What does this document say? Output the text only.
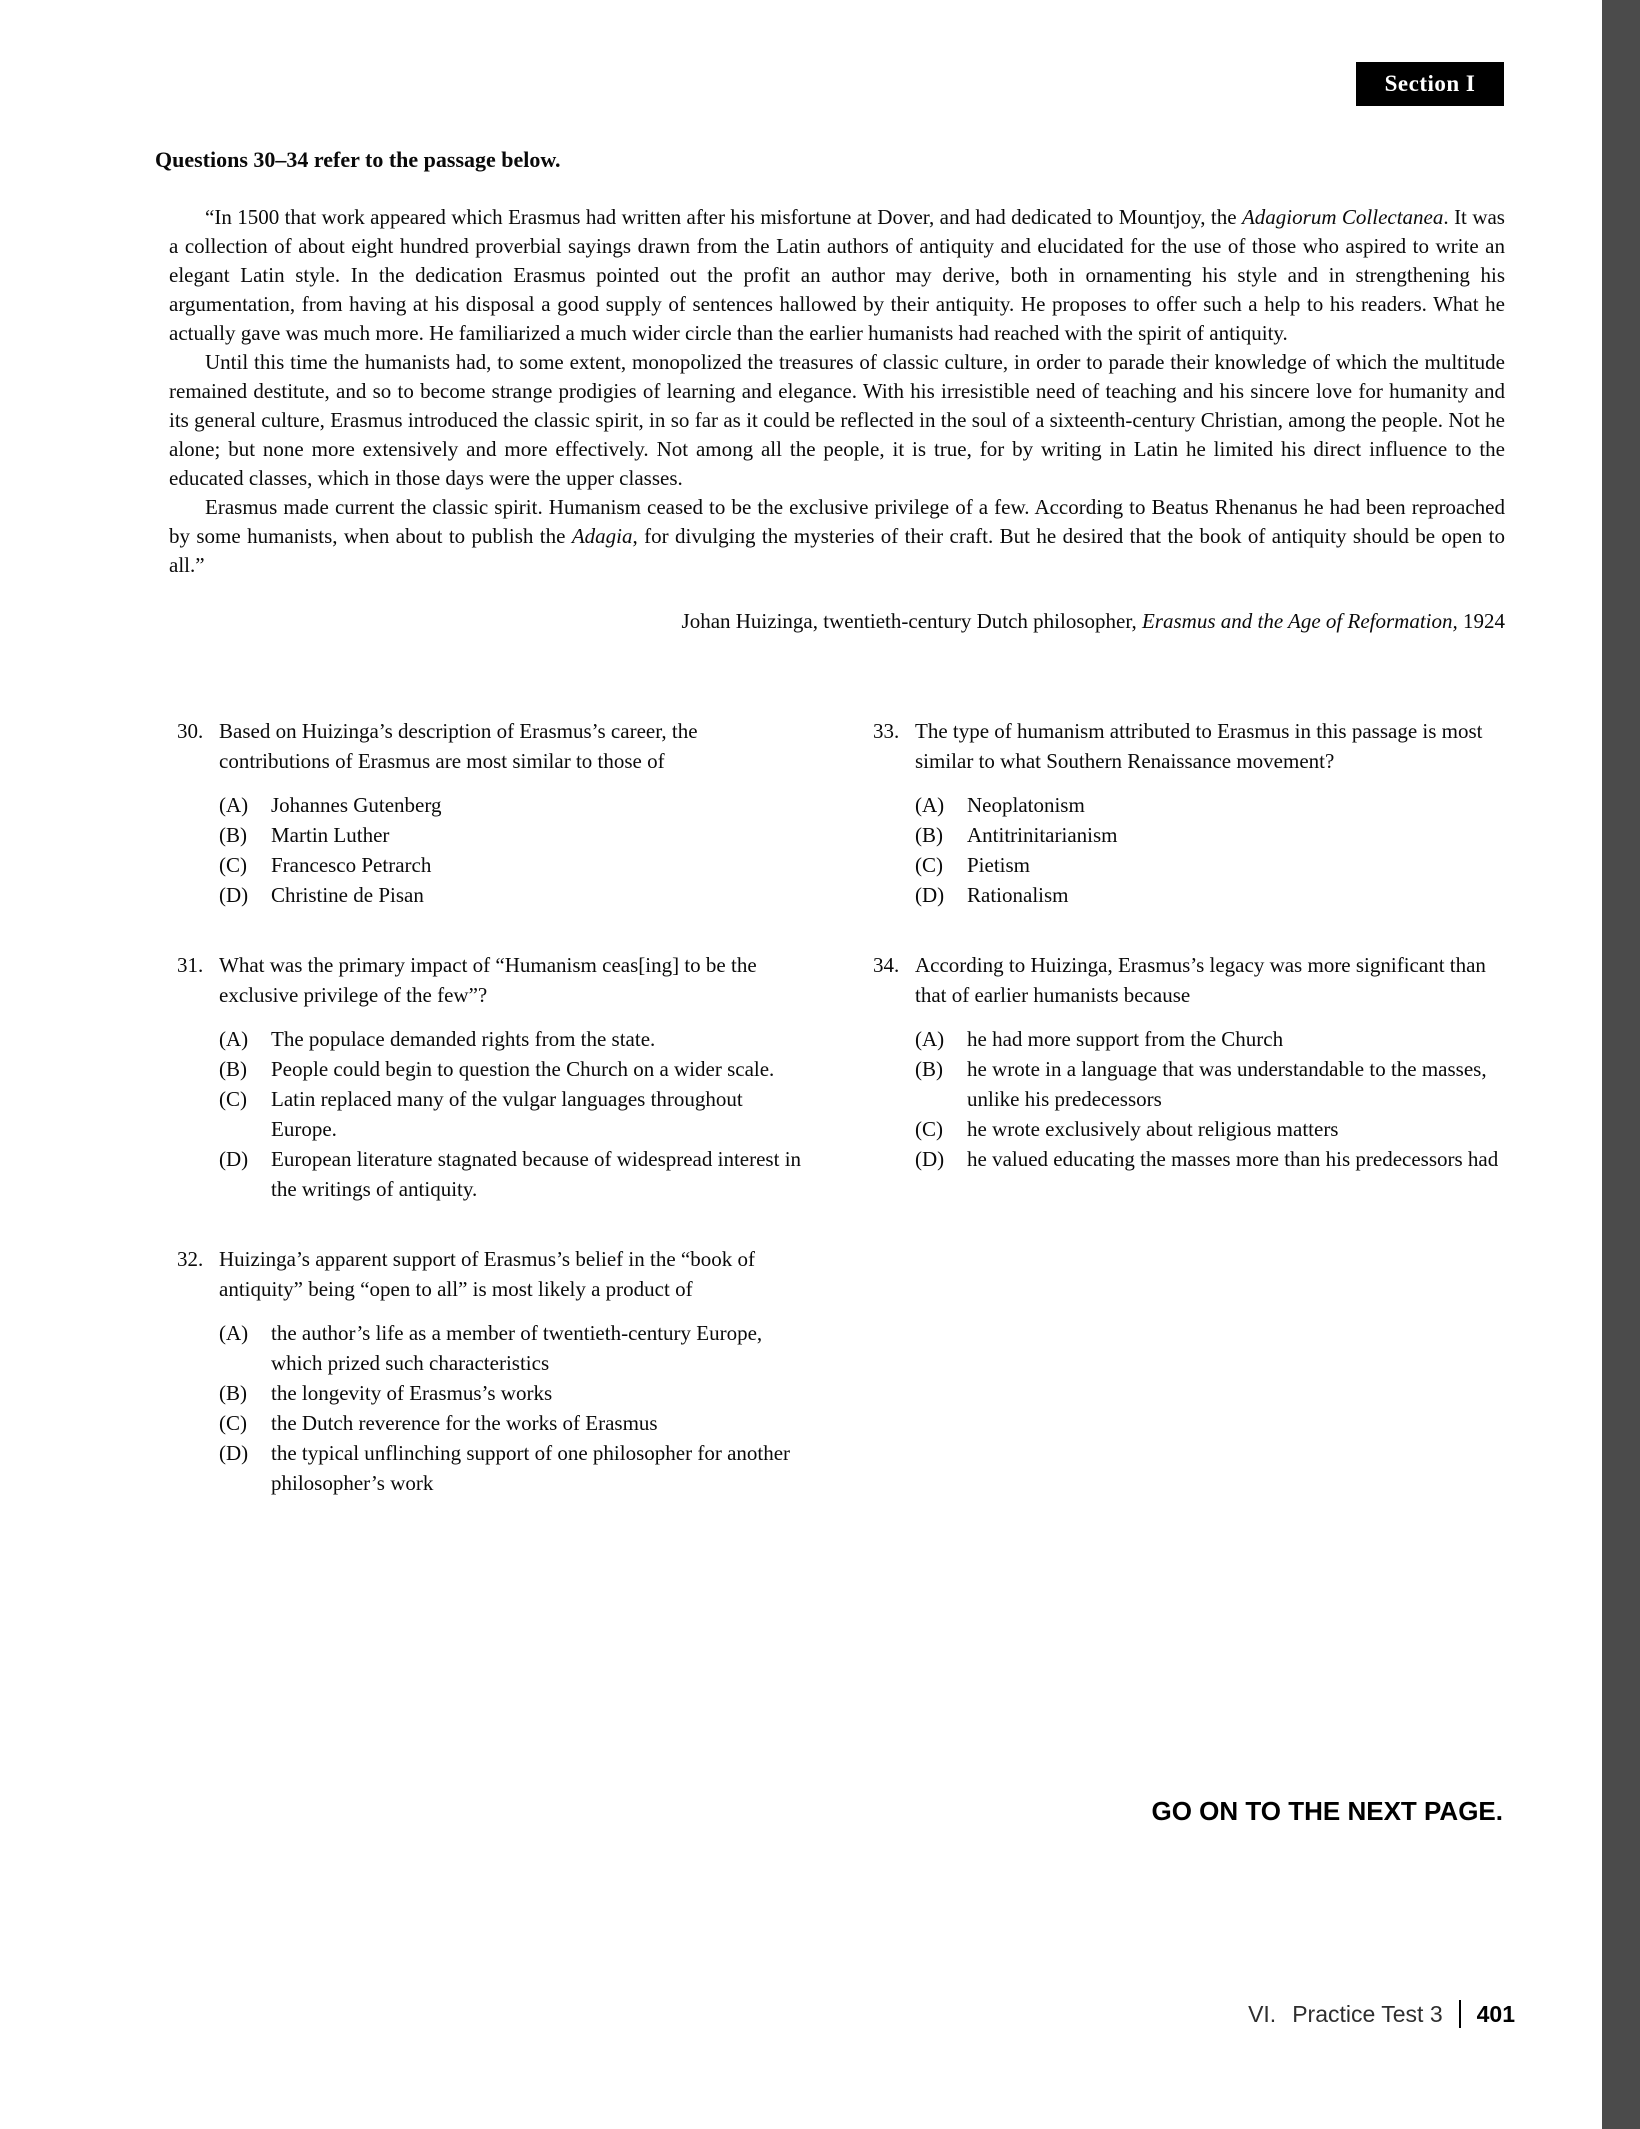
Section I
Questions 30–34 refer to the passage below.

“In 1500 that work appeared which Erasmus had written after his misfortune at Dover, and had dedicated to Mountjoy, the Adagiorum Collectanea. It was a collection of about eight hundred proverbial sayings drawn from the Latin authors of antiquity and elucidated for the use of those who aspired to write an elegant Latin style. In the dedication Erasmus pointed out the profit an author may derive, both in ornamenting his style and in strengthening his argumentation, from having at his disposal a good supply of sentences hallowed by their antiquity. He proposes to offer such a help to his readers. What he actually gave was much more. He familiarized a much wider circle than the earlier humanists had reached with the spirit of antiquity.

Until this time the humanists had, to some extent, monopolized the treasures of classic culture, in order to parade their knowledge of which the multitude remained destitute, and so to become strange prodigies of learning and elegance. With his irresistible need of teaching and his sincere love for humanity and its general culture, Erasmus introduced the classic spirit, in so far as it could be reflected in the soul of a sixteenth-century Christian, among the people. Not he alone; but none more extensively and more effectively. Not among all the people, it is true, for by writing in Latin he limited his direct influence to the educated classes, which in those days were the upper classes.

Erasmus made current the classic spirit. Humanism ceased to be the exclusive privilege of a few. According to Beatus Rhenanus he had been reproached by some humanists, when about to publish the Adagia, for divulging the mysteries of their craft. But he desired that the book of antiquity should be open to all.”

Johan Huizinga, twentieth-century Dutch philosopher, Erasmus and the Age of Reformation, 1924
30. Based on Huizinga’s description of Erasmus’s career, the contributions of Erasmus are most similar to those of
(A)	Johannes Gutenberg
(B)	Martin Luther
(C)	Francesco Petrarch
(D)	Christine de Pisan
31. What was the primary impact of “Humanism ceas[ing] to be the exclusive privilege of the few”?
(A)	The populace demanded rights from the state.
(B)	People could begin to question the Church on a wider scale.
(C)	Latin replaced many of the vulgar languages throughout Europe.
(D)	European literature stagnated because of widespread interest in the writings of antiquity.
32. Huizinga’s apparent support of Erasmus’s belief in the “book of antiquity” being “open to all” is most likely a product of
(A)	the author’s life as a member of twentieth-century Europe, which prized such characteristics
(B)	the longevity of Erasmus’s works
(C)	the Dutch reverence for the works of Erasmus
(D)	the typical unflinching support of one philosopher for another philosopher’s work
33. The type of humanism attributed to Erasmus in this passage is most similar to what Southern Renaissance movement?
(A)	Neoplatonism
(B)	Antitrinitarianism
(C)	Pietism
(D)	Rationalism
34. According to Huizinga, Erasmus’s legacy was more significant than that of earlier humanists because
(A)	he had more support from the Church
(B)	he wrote in a language that was understandable to the masses, unlike his predecessors
(C)	he wrote exclusively about religious matters
(D)	he valued educating the masses more than his predecessors had
GO ON TO THE NEXT PAGE.
VI. Practice Test 3 401
